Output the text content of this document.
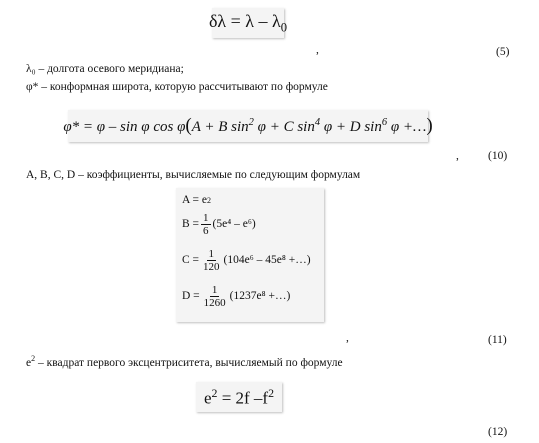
$\delta\lambda = \lambda - \lambda_0$
,	(5)
λ₀ – долгота осевого меридиана;
φ* – конформная широта, которую рассчитывают по формуле
φ* = φ – sin φ cos φ(A + B $\sin^2 \varphi + C$ $\sin^4 \varphi + D$ $\sin^6 \varphi$ +…)
,	(10)
A, B, C, D – коэффициенты, вычисляемые по следующим формулам
A = e 2
$B = \frac{1}{6} (5e^4 - e^6)$
$C = \frac{1}{120} (104e^6 - 45e^8$ +…)
$D = \frac{1}{1260} (1237e^8$ +…)
,	(11)
$e^2$ – квадрат первого эксцентриситета, вычисляемый по формуле
$e^2 = 2f$ $-f^2$
(12)
